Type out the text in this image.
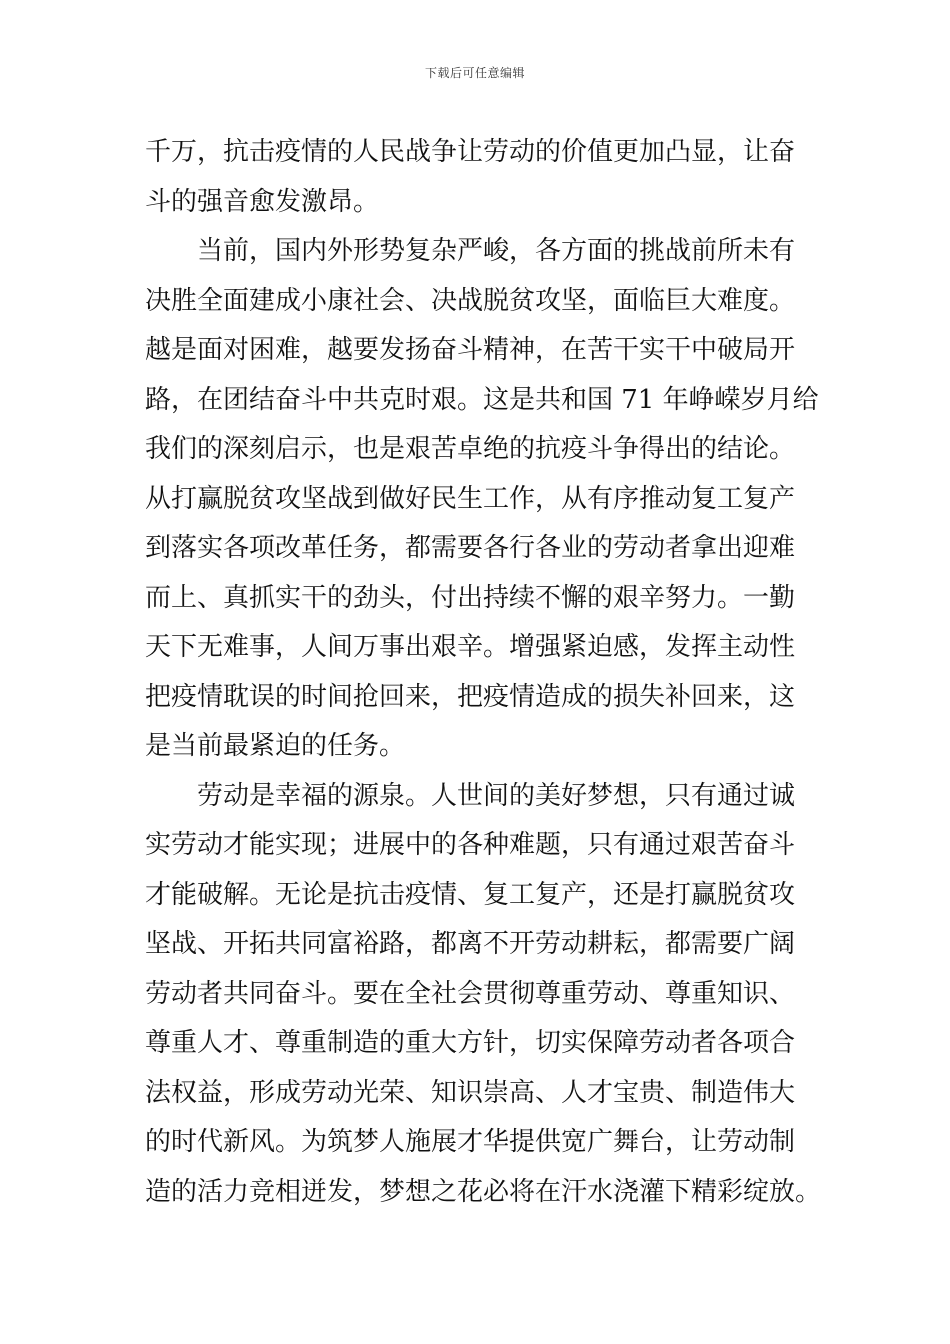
下载后可任意编辑
千万，抗击疫情的人民战争让劳动的价值更加凸显，让奋
斗的强音愈发激昂。
当前，国内外形势复杂严峻，各方面的挑战前所未有
决胜全面建成小康社会、决战脱贫攻坚，面临巨大难度。
越是面对困难，越要发扬奋斗精神，在苦干实干中破局开
路，在团结奋斗中共克时艰。这是共和国 71 年峥嵘岁月给
我们的深刻启示，也是艰苦卓绝的抗疫斗争得出的结论。
从打赢脱贫攻坚战到做好民生工作，从有序推动复工复产
到落实各项改革任务，都需要各行各业的劳动者拿出迎难
而上、真抓实干的劲头，付出持续不懈的艰辛努力。一勤
天下无难事，人间万事出艰辛。增强紧迫感，发挥主动性
把疫情耽误的时间抢回来，把疫情造成的损失补回来，这
是当前最紧迫的任务。
劳动是幸福的源泉。人世间的美好梦想，只有通过诚
实劳动才能实现；进展中的各种难题，只有通过艰苦奋斗
才能破解。无论是抗击疫情、复工复产，还是打赢脱贫攻
坚战、开拓共同富裕路，都离不开劳动耕耘，都需要广阔
劳动者共同奋斗。要在全社会贯彻尊重劳动、尊重知识、
尊重人才、尊重制造的重大方针，切实保障劳动者各项合
法权益，形成劳动光荣、知识崇高、人才宝贵、制造伟大
的时代新风。为筑梦人施展才华提供宽广舞台，让劳动制
造的活力竞相迸发，梦想之花必将在汗水浇灌下精彩绽放。
